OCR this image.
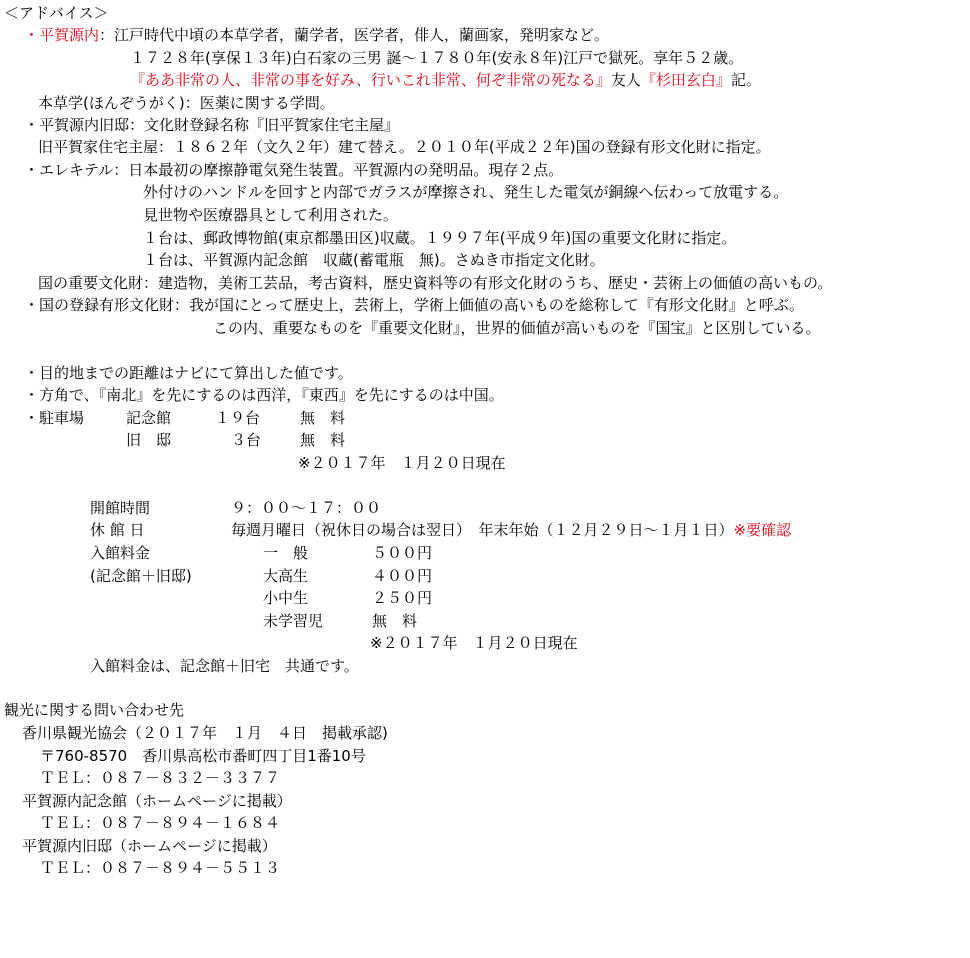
＜アドバイス＞
・平賀源内：江戸時代中頃の本草学者，蘭学者，医学者，俳人，蘭画家，発明家など。
１７２８年(享保１３年)白石家の三男 誕～１７８０年(安永８年)江戸で獄死。享年５２歳。
『ああ非常の人、非常の事を好み、行いこれ非常、何ぞ非常の死なる』友人『杉田玄白』記。
本草学(ほんぞうがく)：医薬に関する学問。
・平賀源内旧邸：文化財登録名称『旧平賀家住宅主屋』
旧平賀家住宅主屋：１８６２年（文久２年）建て替え。２０１０年(平成２２年)国の登録有形文化財に指定。
・エレキテル：日本最初の摩擦静電気発生装置。平賀源内の発明品。現存２点。
外付けのハンドルを回すと内部でガラスが摩擦され、発生した電気が銅線へ伝わって放電する。
見世物や医療器具として利用された。
１台は、郵政博物館(東京都墨田区)収蔵。１９９７年(平成９年)国の重要文化財に指定。
１台は、平賀源内記念館　収蔵(蓄電瓶　無)。さぬき市指定文化財。
国の重要文化財：建造物，美術工芸品，考古資料，歴史資料等の有形文化財のうち、歴史・芸術上の価値の高いもの。
・国の登録有形文化財：我が国にとって歴史上，芸術上，学術上価値の高いものを総称して『有形文化財』と呼ぶ。
この内、重要なものを『重要文化財』，世界的価値が高いものを『国宝』と区別している。
・目的地までの距離はナビにて算出した値です。
・方角で、『南北』を先にするのは西洋，『東西』を先にするのは中国。
・駐車場	記念館	１９台	無　料
旧　邸	３台	無　料
※２０１７年　１月２０日現在
開館時間	９：００～１７：００
休 館 日	毎週月曜日（祝休日の場合は翌日）　年末年始（１２月２９日～１月１日）※要確認
入館料金
(記念館＋旧邸)
一　般	５００円
大高生	４００円
小中生	２５０円
未学習児	無　料
※２０１７年　１月２０日現在
入館料金は、記念館＋旧宅　共通です。
観光に関する問い合わせ先
香川県観光協会（２０１７年　１月　４日　掲載承認)
〒760-8570　香川県高松市番町四丁目1番10号
ＴＥＬ：０８７－８３２－３３７７
平賀源内記念館（ホームページに掲載）
ＴＥＬ：０８７－８９４－１６８４
平賀源内旧邸（ホームページに掲載）
ＴＥＬ：０８７－８９４－５５１３
